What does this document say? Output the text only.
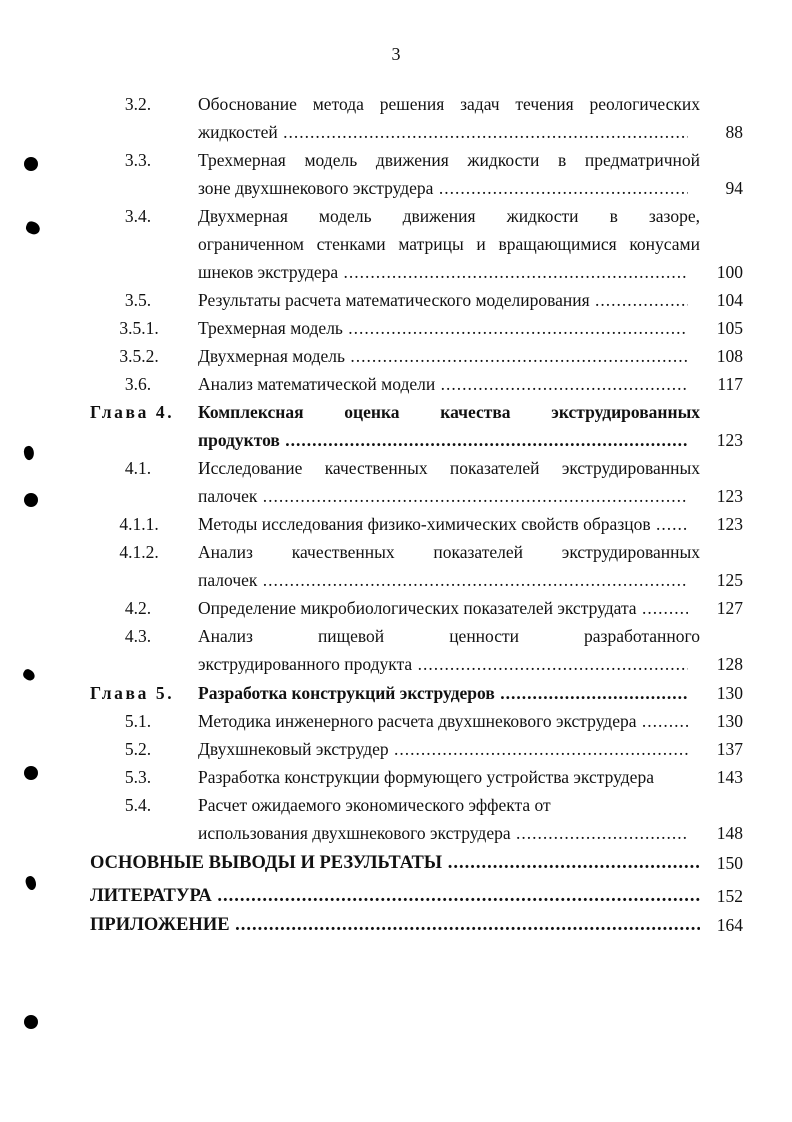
3
3.2.	Обоснование метода решения задач течения реологических
жидкостей .....	88
3.3.	Трехмерная модель движения жидкости в предматричной
зоне двухшнекового экструдера .....	94
3.4.	Двухмерная модель движения жидкости в зазоре,
ограниченном стенками матрицы и вращающимися конусами
шнеков экструдера .....	100
3.5.	Результаты расчета математического моделирования .....	104
3.5.1.	Трехмерная модель .....	105
3.5.2.	Двухмерная модель .....	108
3.6.	Анализ математической модели .....	117
Глава 4. Комплексная оценка качества экструдированных
продуктов .....	123
4.1.	Исследование качественных показателей экструдированных
палочек .....	123
4.1.1.	Методы исследования физико-химических свойств образцов .....	123
4.1.2.	Анализ качественных показателей экструдированных
палочек .....	125
4.2.	Определение микробиологических показателей экструдата .....	127
4.3.	Анализ пищевой ценности разработанного
экструдированного продукта .....	128
Глава 5. Разработка конструкций экструдеров .....	130
5.1.	Методика инженерного расчета двухшнекового экструдера .....	130
5.2.	Двухшнековый экструдер .....	137
5.3.	Разработка конструкции формующего устройства экструдера	143
5.4.	Расчет ожидаемого экономического эффекта от
использования двухшнекового экструдера .....	148
ОСНОВНЫЕ ВЫВОДЫ И РЕЗУЛЬТАТЫ .....	150
ЛИТЕРАТУРА .....	152
ПРИЛОЖЕНИЕ .....	164
